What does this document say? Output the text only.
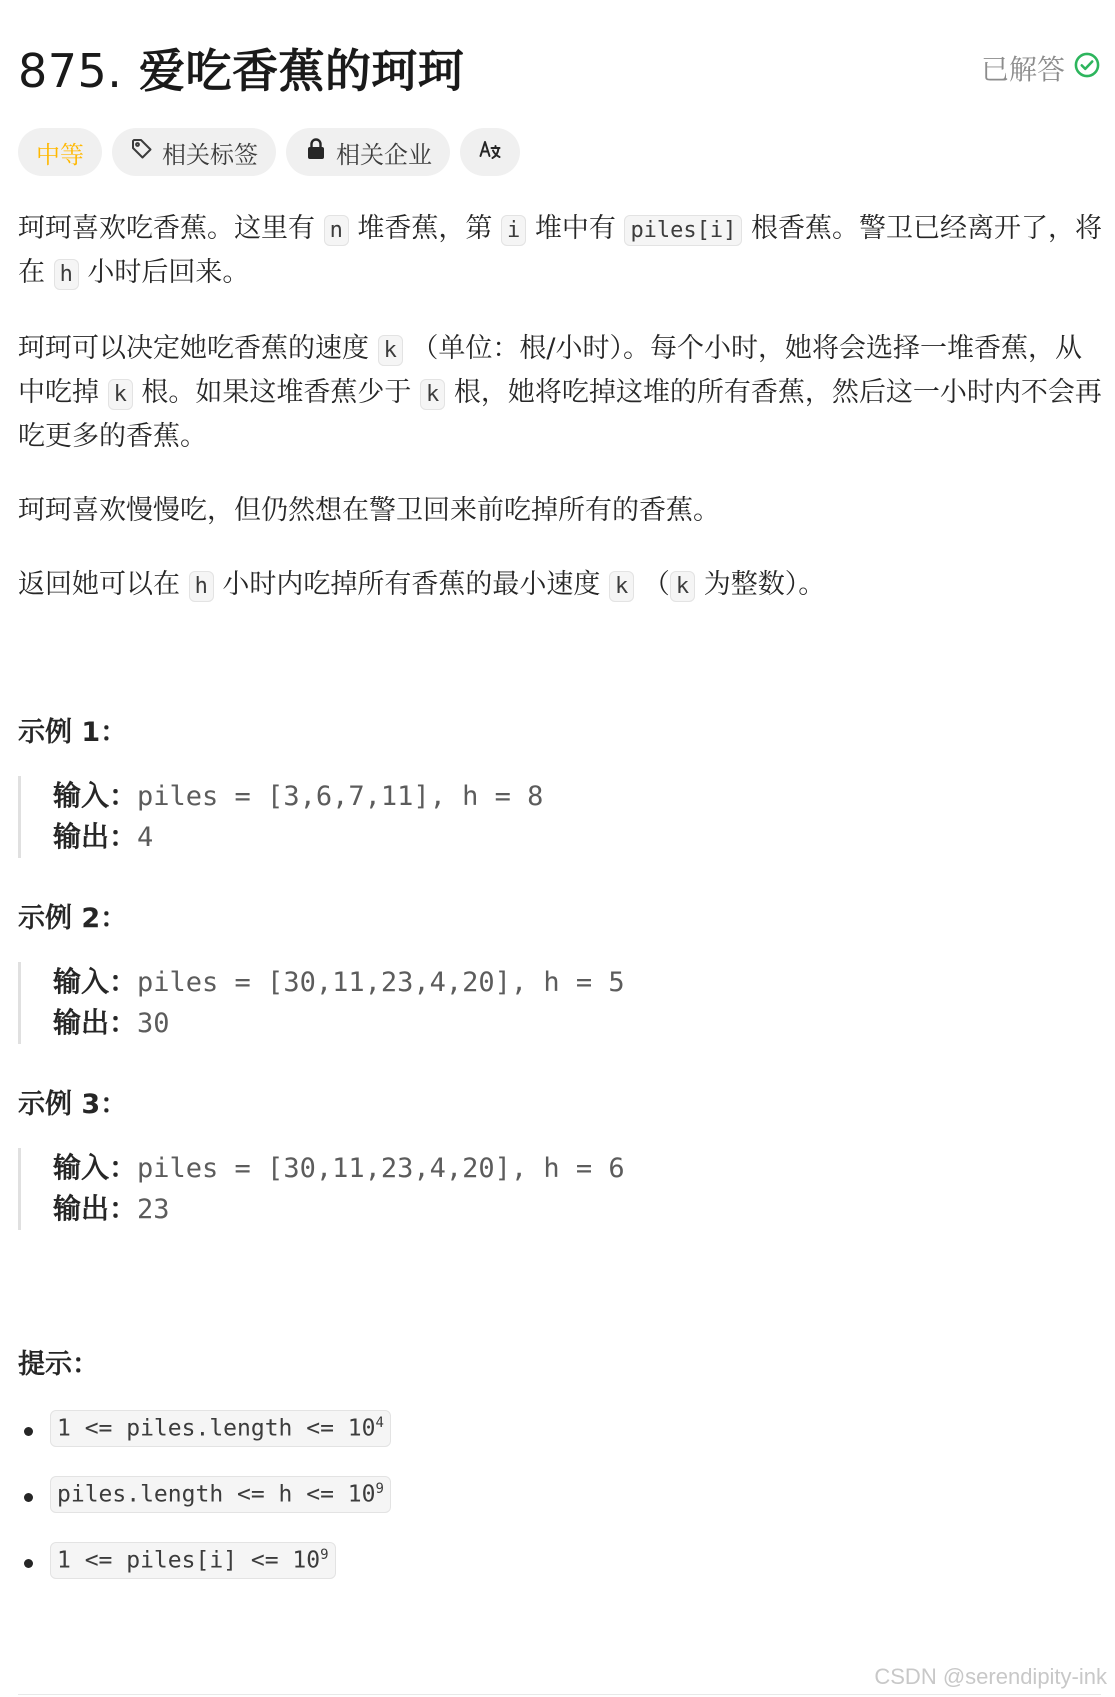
875. 爱吃香蕉的珂珂	已解答
中等	相关标签	相关企业

珂珂喜欢吃香蕉。这里有 n 堆香蕉，第 i 堆中有 piles[i] 根香蕉。警卫已经离开了，将在 h 小时后回来。

珂珂可以决定她吃香蕉的速度 k （单位：根/小时）。每个小时，她将会选择一堆香蕉，从中吃掉 k 根。如果这堆香蕉少于 k 根，她将吃掉这堆的所有香蕉，然后这一小时内不会再吃更多的香蕉。

珂珂喜欢慢慢吃，但仍然想在警卫回来前吃掉所有的香蕉。

返回她可以在 h 小时内吃掉所有香蕉的最小速度 k （ k 为整数）。

示例 1：
输入：piles = [3,6,7,11], h = 8
输出：4
示例 2：
输入：piles = [30,11,23,4,20], h = 5
输出：30
示例 3：
输入：piles = [30,11,23,4,20], h = 6
输出：23
提示：
1 <= piles.length <= $10^4$
piles.length <= $h <= 10^9$
1 <= piles[i] <= $10^9$
CSDN @serendipity-ink
